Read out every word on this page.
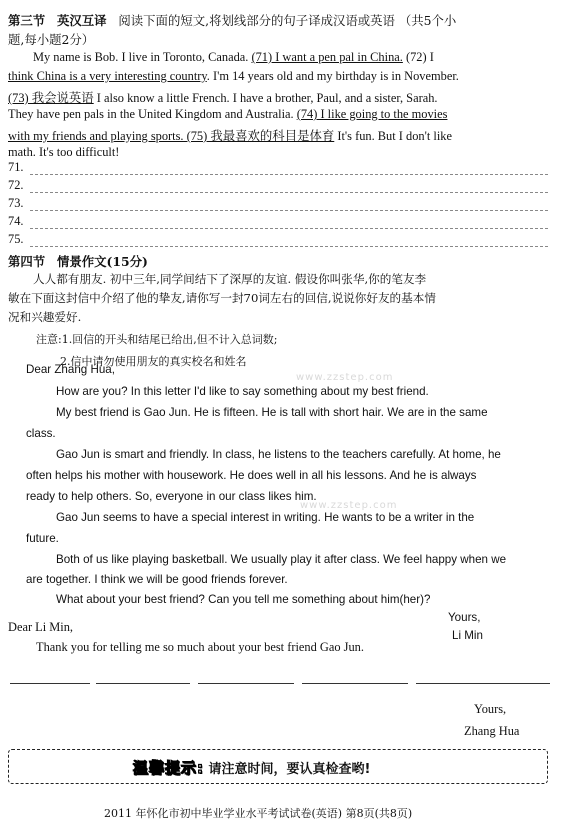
第三节 英汉互译 阅读下面的短文,将划线部分的句子译成汉语或英语 （共5个小
题,每小题2分）
My name is Bob. I live in Toronto, Canada. (71) I want a pen pal in China. (72) I
think China is a very interesting country. I'm 14 years old and my birthday is in November.
(73) 我会说英语 I also know a little French. I have a brother, Paul, and a sister, Sarah.
They have pen pals in the United Kingdom and Australia. (74) I like going to the movies
with my friends and playing sports. (75) 我最喜欢的科目是体育 It's fun. But I don't like
math. It's too difficult!
71.
72.
73.
74.
75.
第四节 情景作文(15分)
人人都有朋友. 初中三年,同学间结下了深厚的友谊. 假设你叫张华,你的笔友李
敏在下面这封信中介绍了他的挚友,请你写一封70词左右的回信,说说你好友的基本情
况和兴趣爱好.
注意:1.回信的开头和结尾已给出,但不计入总词数;
2.信中请勿使用朋友的真实校名和姓名
www.zzstep.com
www.zzstep.com
Dear Zhang Hua,
How are you? In this letter I'd like to say something about my best friend.
My best friend is Gao Jun. He is fifteen. He is tall with short hair. We are in the same
class.
Gao Jun is smart and friendly. In class, he listens to the teachers carefully. At home, he
often helps his mother with housework. He does well in all his lessons. And he is always
ready to help others. So, everyone in our class likes him.
Gao Jun seems to have a special interest in writing. He wants to be a writer in the
future.
Both of us like playing basketball. We usually play it after class. We feel happy when we
are together. I think we will be good friends forever.
What about your best friend? Can you tell me something about him(her)?
Yours,
Li Min
Dear Li Min,
Thank you for telling me so much about your best friend Gao Jun.
温馨提示: 请注意时间，要认真检查哟!
2011 年怀化市初中毕业学业水平考试试卷(英语) 第8页(共8页)
Yours,
Zhang Hua
